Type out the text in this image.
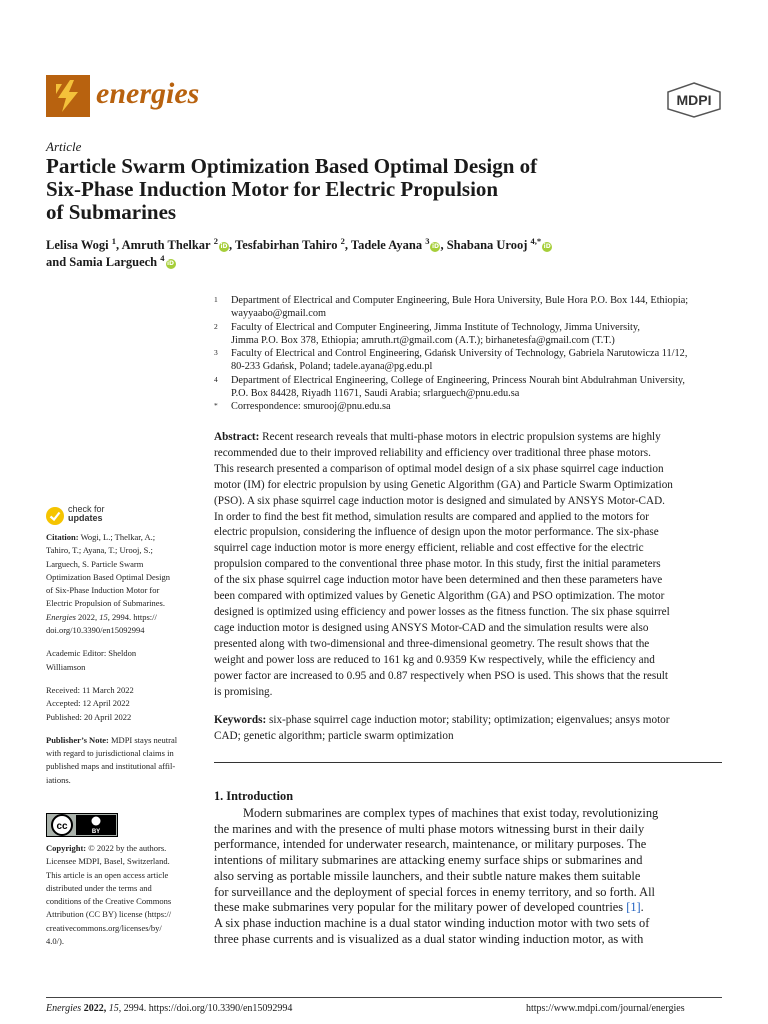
energies	MDPI
Article
Particle Swarm Optimization Based Optimal Design of
Six-Phase Induction Motor for Electric Propulsion
of Submarines
Lelisa Wogi $^1$, Amruth Thelkar $^2$iD, Tesfabirhan Tahiro $^2$, Tadele Ayana $^3$iD, Shabana Urooj $^{4,*}$iD
and Samia Larguech $^4$iD
1 Department of Electrical and Computer Engineering, Bule Hora University, Bule Hora P.O. Box 144, Ethiopia;
wayyaabo@gmail.com
2 Faculty of Electrical and Computer Engineering, Jimma Institute of Technology, Jimma University,
Jimma P.O. Box 378, Ethiopia; amruth.rt@gmail.com (A.T.); birhanetesfa@gmail.com (T.T.)
3 Faculty of Electrical and Control Engineering, Gdańsk University of Technology, Gabriela Narutowicza 11/12,
80-233 Gdańsk, Poland; tadele.ayana@pg.edu.pl
4 Department of Electrical Engineering, College of Engineering, Princess Nourah bint Abdulrahman University,
P.O. Box 84428, Riyadh 11671, Saudi Arabia; srlarguech@pnu.edu.sa
* Correspondence: smurooj@pnu.edu.sa
Abstract: Recent research reveals that multi-phase motors in electric propulsion systems are highly
recommended due to their improved reliability and efficiency over traditional three phase motors.
This research presented a comparison of optimal model design of a six phase squirrel cage induction
motor (IM) for electric propulsion by using Genetic Algorithm (GA) and Particle Swarm Optimization
(PSO). A six phase squirrel cage induction motor is designed and simulated by ANSYS Motor-CAD.
In order to find the best fit method, simulation results are compared and applied to the motors for
electric propulsion, considering the influence of design upon the motor performance. The six-phase
squirrel cage induction motor is more energy efficient, reliable and cost effective for the electric
propulsion compared to the conventional three phase motor. In this study, first the initial parameters
of the six phase squirrel cage induction motor have been determined and then these parameters have
been compared with optimized values by Genetic Algorithm (GA) and PSO optimization. The motor
designed is optimized using efficiency and power losses as the fitness function. The six phase squirrel
cage induction motor is designed using ANSYS Motor-CAD and the simulation results were also
presented along with two-dimensional and three-dimensional geometry. The result shows that the
weight and power loss are reduced to 161 kg and 0.9359 Kw respectively, while the efficiency and
power factor are increased to 0.95 and 0.87 respectively when PSO is used. This shows that the result
is promising.
Keywords: six-phase squirrel cage induction motor; stability; optimization; eigenvalues; ansys motor
CAD; genetic algorithm; particle swarm optimization
1. Introduction
Modern submarines are complex types of machines that exist today, revolutionizing
the marines and with the presence of multi phase motors witnessing burst in their daily
performance, intended for underwater research, maintenance, or military purposes. The
intentions of military submarines are attacking enemy surface ships or submarines and
also serving as portable missile launchers, and their subtle nature makes them suitable
for surveillance and the deployment of special forces in enemy territory, and so forth. All
these make submarines very popular for the military power of developed countries [1].
A six phase induction machine is a dual stator winding induction motor with two sets of
three phase currents and is visualized as a dual stator winding induction motor, as with
check for
updates
Citation: Wogi, L.; Thelkar, A.;
Tahiro, T.; Ayana, T.; Urooj, S.;
Larguech, S. Particle Swarm
Optimization Based Optimal Design
of Six-Phase Induction Motor for
Electric Propulsion of Submarines.
Energies 2022, 15, 2994. https://
doi.org/10.3390/en15092994
Academic Editor: Sheldon
Williamson
Received: 11 March 2022
Accepted: 12 April 2022
Published: 20 April 2022
Publisher’s Note: MDPI stays neutral
with regard to jurisdictional claims in
published maps and institutional affil-
iations.
cc	BY
Copyright: © 2022 by the authors.
Licensee MDPI, Basel, Switzerland.
This article is an open access article
distributed under the terms and
conditions of the Creative Commons
Attribution (CC BY) license (https://
creativecommons.org/licenses/by/
4.0/).
Energies 2022, 15, 2994. https://doi.org/10.3390/en15092994	https://www.mdpi.com/journal/energies
